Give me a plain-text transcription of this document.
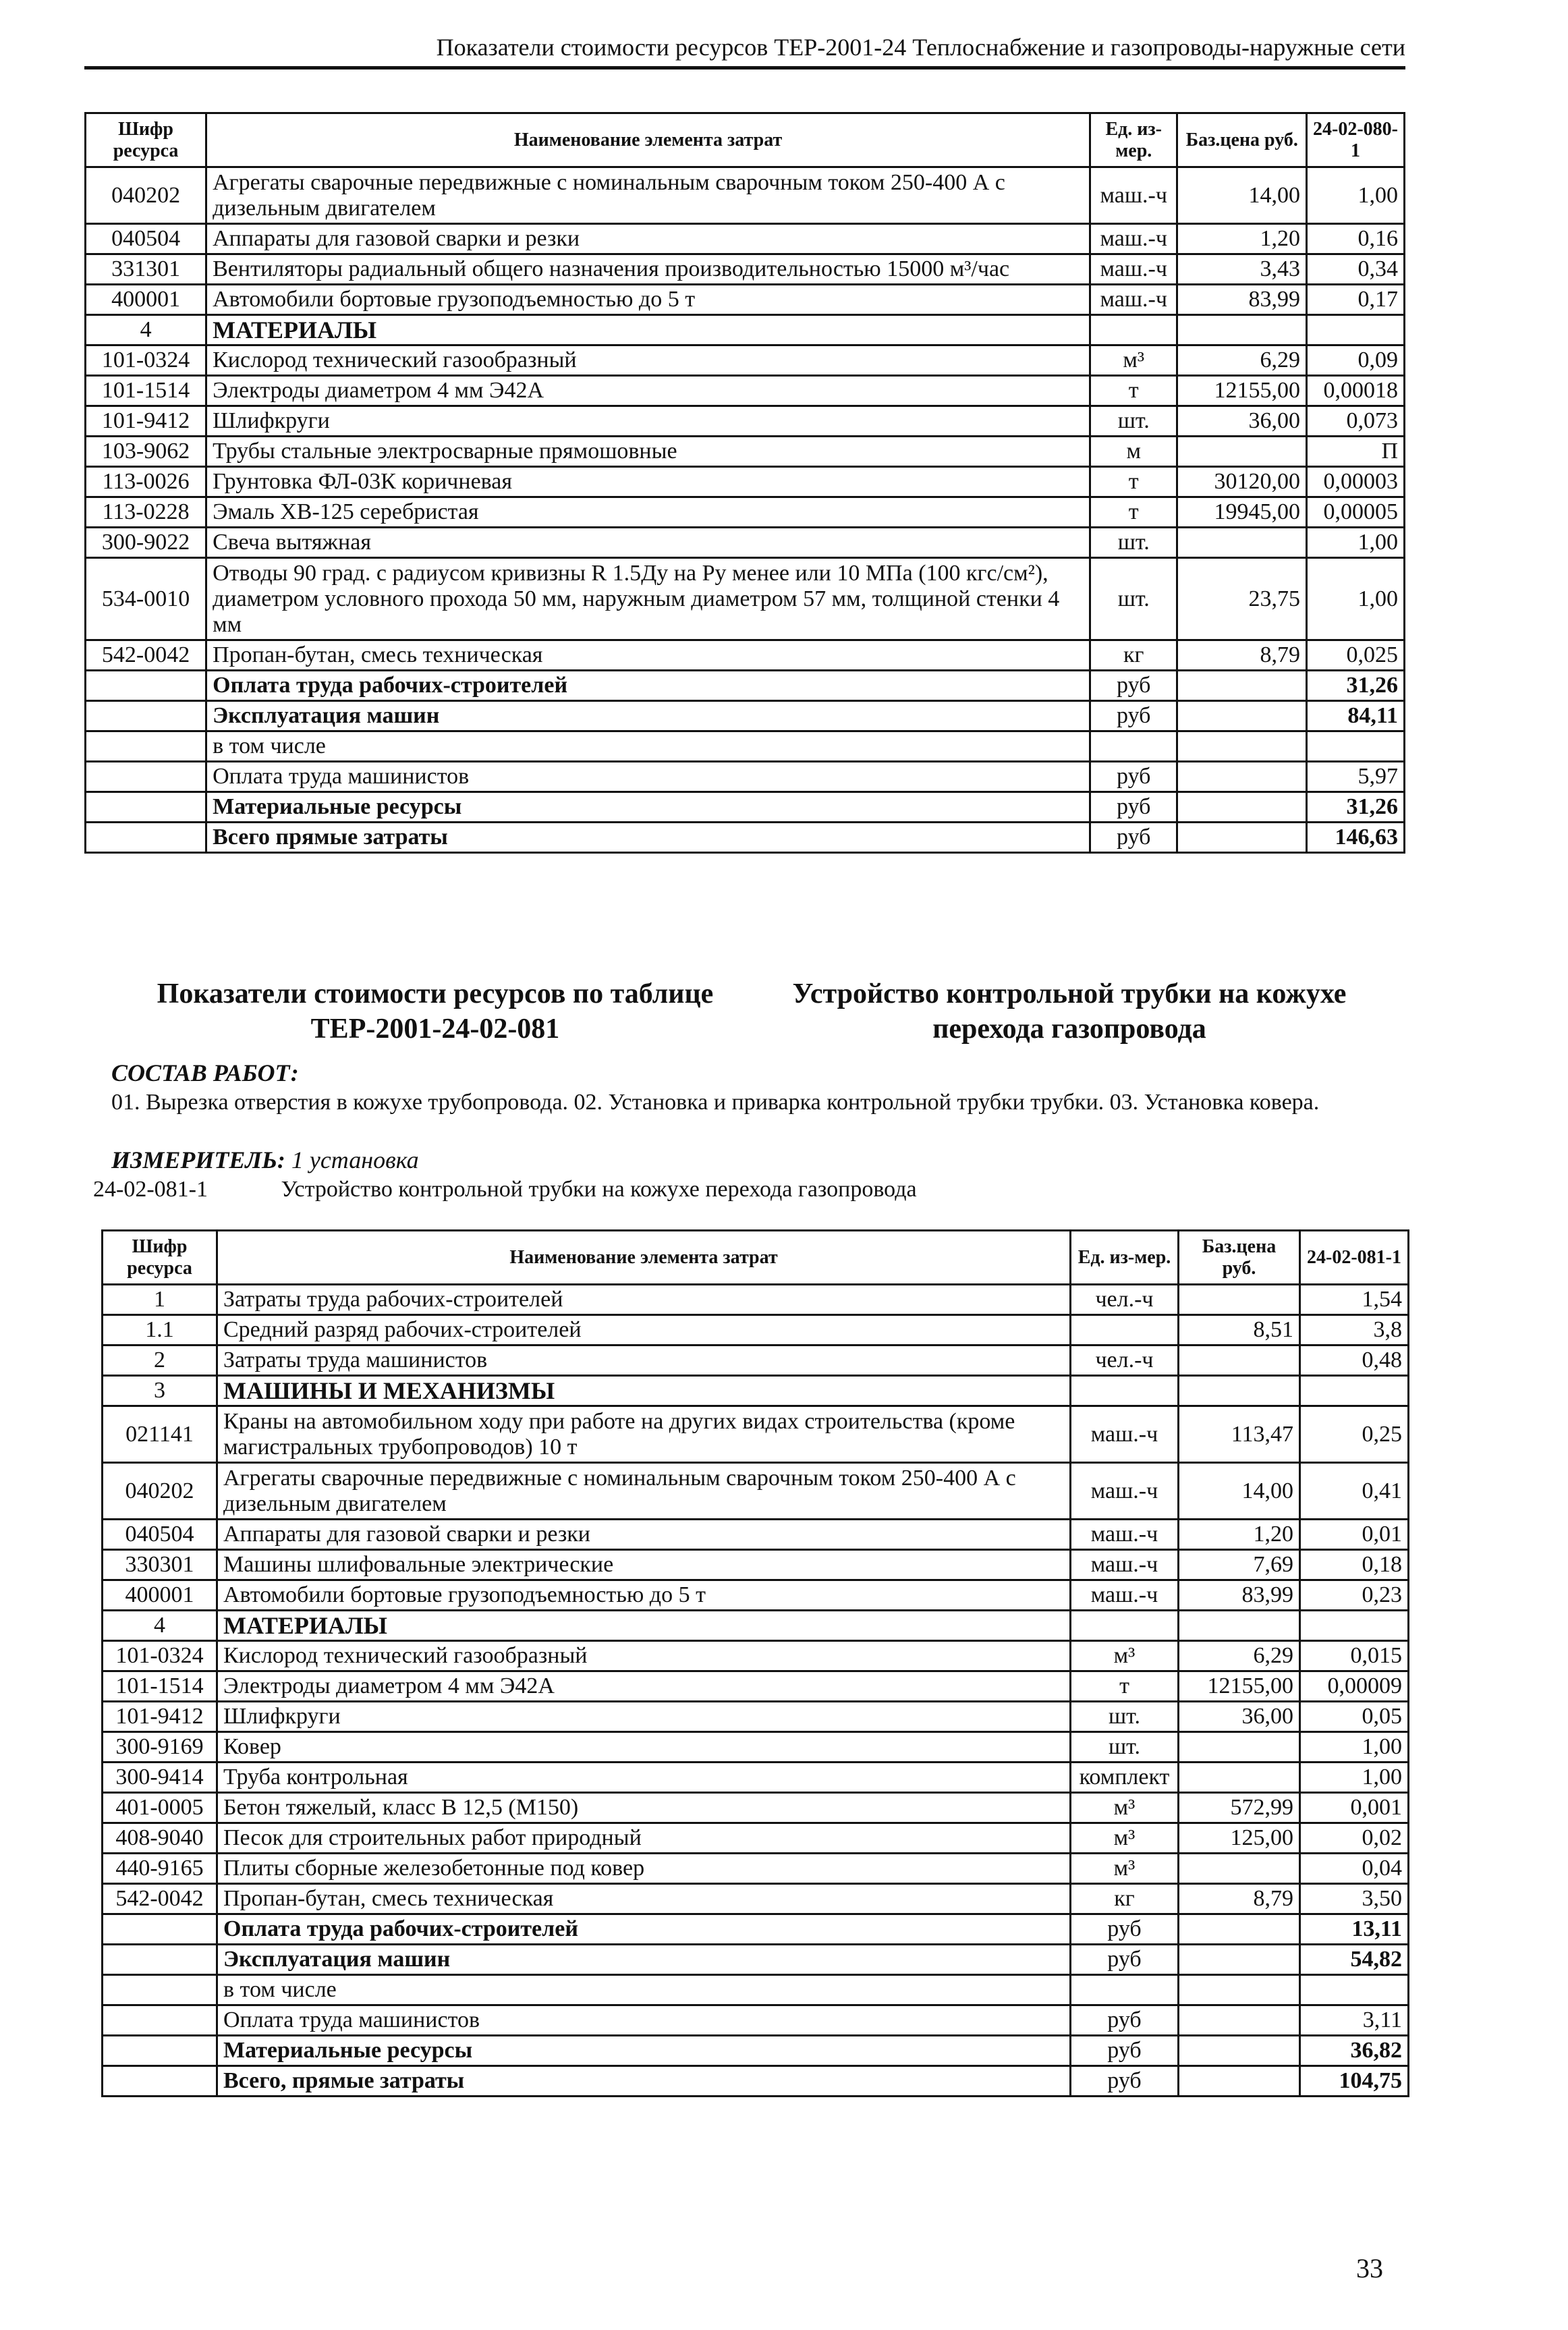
Показатели стоимости ресурсов ТЕР-2001-24 Теплоснабжение и газопроводы-наружные сети
Шифр ресурса	Наименование элемента затрат	Ед. из-мер.	Баз.цена руб.	24-02-080-1
040202	Агрегаты сварочные передвижные с номинальным сварочным током 250-400 А с дизельным двигателем	маш.-ч	14,00	1,00
040504	Аппараты для газовой сварки и резки	маш.-ч	1,20	0,16
331301	Вентиляторы радиальный общего назначения производительностью 15000 м³/час	маш.-ч	3,43	0,34
400001	Автомобили бортовые грузоподъемностью до 5 т	маш.-ч	83,99	0,17
4	МАТЕРИАЛЫ			
101-0324	Кислород технический газообразный	м³	6,29	0,09
101-1514	Электроды диаметром 4 мм Э42А	т	12155,00	0,00018
101-9412	Шлифкруги	шт.	36,00	0,073
103-9062	Трубы стальные электросварные прямошовные	м		П
113-0026	Грунтовка ФЛ-03К коричневая	т	30120,00	0,00003
113-0228	Эмаль ХВ-125 серебристая	т	19945,00	0,00005
300-9022	Свеча вытяжная	шт.		1,00
534-0010	Отводы 90 град. с радиусом кривизны R 1.5Ду на Ру менее или 10 МПа (100 кгс/см²), диаметром условного прохода 50 мм, наружным диаметром 57 мм, толщиной стенки 4 мм	шт.	23,75	1,00
542-0042	Пропан-бутан, смесь техническая	кг	8,79	0,025
	Оплата труда рабочих-строителей	руб		31,26
	Эксплуатация машин	руб		84,11
	в том числе			
	Оплата труда машинистов	руб		5,97
	Материальные ресурсы	руб		31,26
	Всего прямые затраты	руб		146,63
Показатели стоимости ресурсов по таблице ТЕР-2001-24-02-081
Устройство контрольной трубки на кожухе перехода газопровода
СОСТАВ РАБОТ:
01. Вырезка отверстия в кожухе трубопровода. 02. Установка и приварка контрольной трубки трубки. 03. Установка ковера.
ИЗМЕРИТЕЛЬ: 1 установка
24-02-081-1	Устройство контрольной трубки на кожухе перехода газопровода
Шифр ресурса	Наименование элемента затрат	Ед. из-мер.	Баз.цена руб.	24-02-081-1
1	Затраты труда рабочих-строителей	чел.-ч		1,54
1.1	Средний разряд рабочих-строителей		8,51	3,8
2	Затраты труда машинистов	чел.-ч		0,48
3	МАШИНЫ И МЕХАНИЗМЫ			
021141	Краны на автомобильном ходу при работе на других видах строительства (кроме магистральных трубопроводов) 10 т	маш.-ч	113,47	0,25
040202	Агрегаты сварочные передвижные с номинальным сварочным током 250-400 А с дизельным двигателем	маш.-ч	14,00	0,41
040504	Аппараты для газовой сварки и резки	маш.-ч	1,20	0,01
330301	Машины шлифовальные электрические	маш.-ч	7,69	0,18
400001	Автомобили бортовые грузоподъемностью до 5 т	маш.-ч	83,99	0,23
4	МАТЕРИАЛЫ			
101-0324	Кислород технический газообразный	м³	6,29	0,015
101-1514	Электроды диаметром 4 мм Э42А	т	12155,00	0,00009
101-9412	Шлифкруги	шт.	36,00	0,05
300-9169	Ковер	шт.		1,00
300-9414	Труба контрольная	комплект		1,00
401-0005	Бетон тяжелый, класс В 12,5 (М150)	м³	572,99	0,001
408-9040	Песок для строительных работ природный	м³	125,00	0,02
440-9165	Плиты сборные железобетонные под ковер	м³		0,04
542-0042	Пропан-бутан, смесь техническая	кг	8,79	3,50
	Оплата труда рабочих-строителей	руб		13,11
	Эксплуатация машин	руб		54,82
	в том числе			
	Оплата труда машинистов	руб		3,11
	Материальные ресурсы	руб		36,82
	Всего, прямые затраты	руб		104,75
33
